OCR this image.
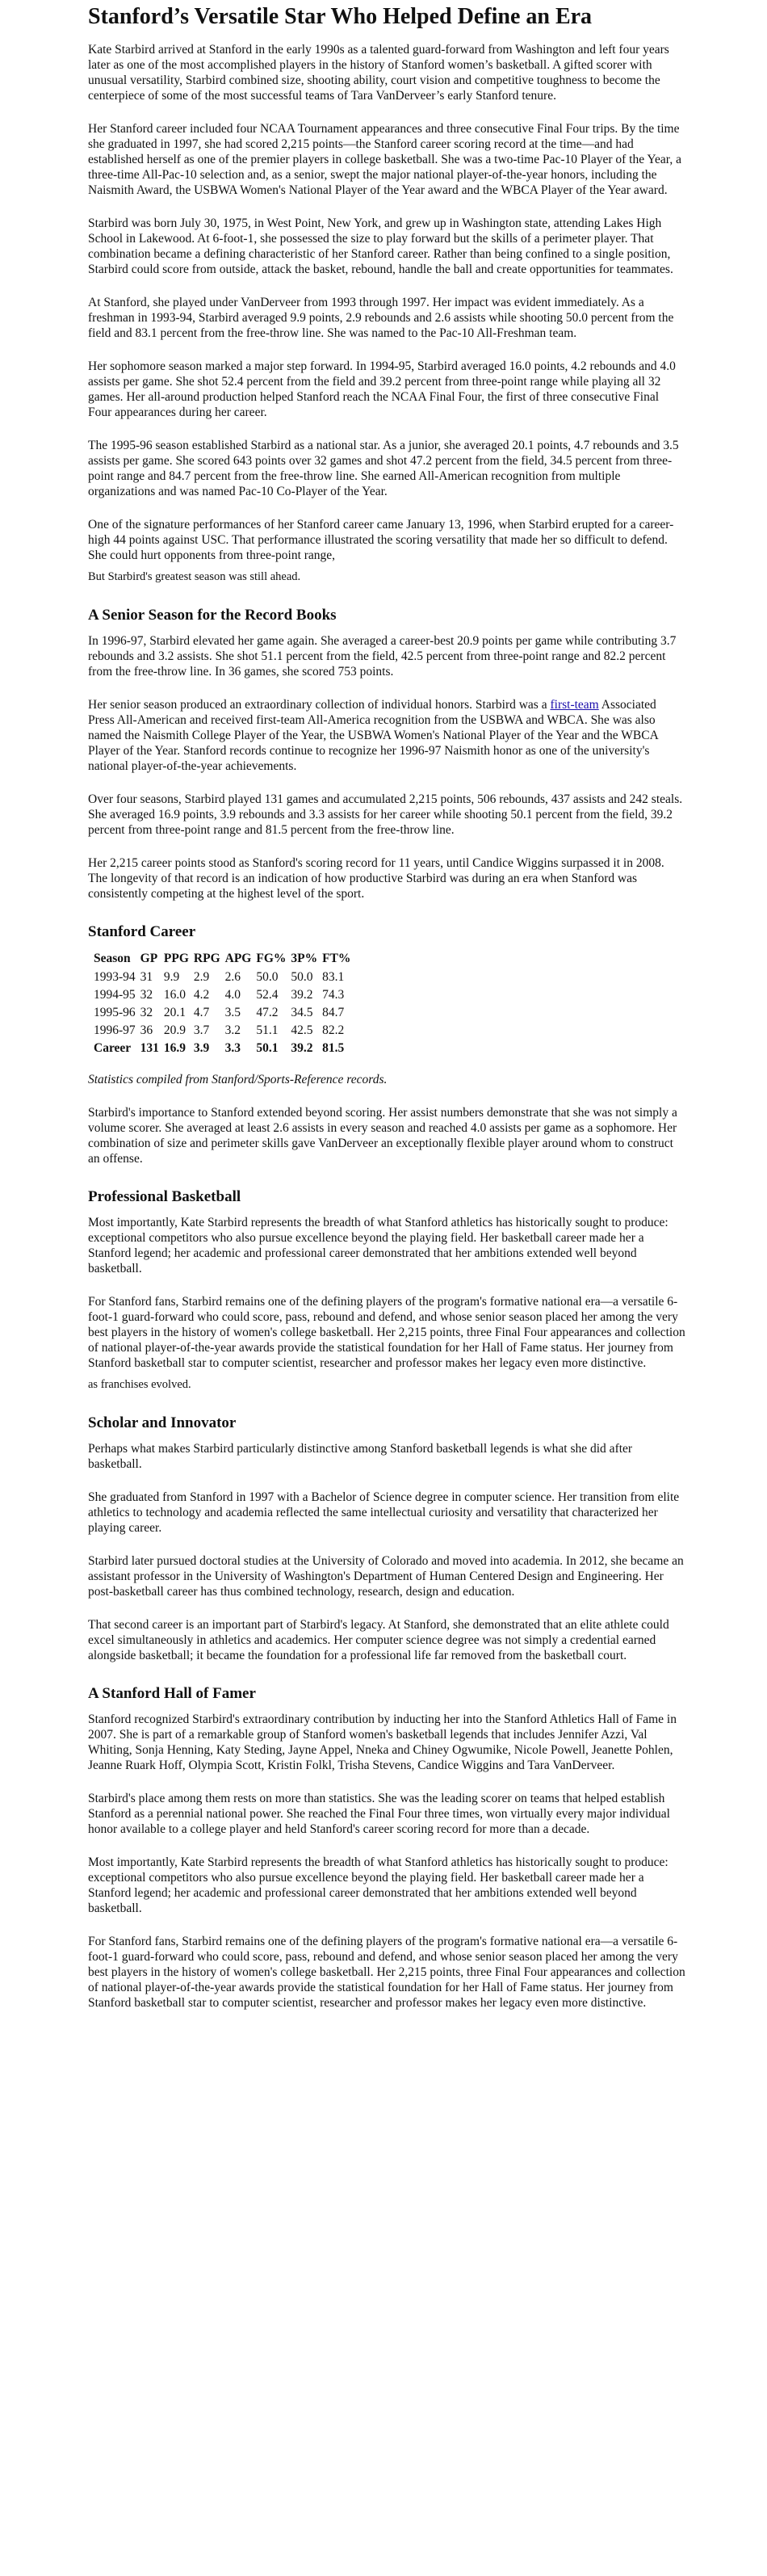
Stanford’s Versatile Star Who Helped Define an Era

Kate Starbird arrived at Stanford in the early 1990s as a talented guard-forward from Washington and left four years later as one of the most accomplished players in the history of Stanford women’s basketball. A gifted scorer with unusual versatility, Starbird combined size, shooting ability, court vision and competitive toughness to become the centerpiece of some of the most successful teams of Tara VanDerveer’s early Stanford tenure.

Her Stanford career included four NCAA Tournament appearances and three consecutive Final Four trips. By the time she graduated in 1997, she had scored 2,215 points—the Stanford career scoring record at the time—and had established herself as one of the premier players in college basketball. She was a two-time Pac-10 Player of the Year, a three-time All-Pac-10 selection and, as a senior, swept the major national player-of-the-year honors, including the Naismith Award, the USBWA Women's National Player of the Year award and the WBCA Player of the Year award.

Starbird was born July 30, 1975, in West Point, New York, and grew up in Washington state, attending Lakes High School in Lakewood. At 6-foot-1, she possessed the size to play forward but the skills of a perimeter player. That combination became a defining characteristic of her Stanford career. Rather than being confined to a single position, Starbird could score from outside, attack the basket, rebound, handle the ball and create opportunities for teammates.

At Stanford, she played under VanDerveer from 1993 through 1997. Her impact was evident immediately. As a freshman in 1993-94, Starbird averaged 9.9 points, 2.9 rebounds and 2.6 assists while shooting 50.0 percent from the field and 83.1 percent from the free-throw line. She was named to the Pac-10 All-Freshman team.

Her sophomore season marked a major step forward. In 1994-95, Starbird averaged 16.0 points, 4.2 rebounds and 4.0 assists per game. She shot 52.4 percent from the field and 39.2 percent from three-point range while playing all 32 games. Her all-around production helped Stanford reach the NCAA Final Four, the first of three consecutive Final Four appearances during her career.

The 1995-96 season established Starbird as a national star. As a junior, she averaged 20.1 points, 4.7 rebounds and 3.5 assists per game. She scored 643 points over 32 games and shot 47.2 percent from the field, 34.5 percent from three-point range and 84.7 percent from the free-throw line. She earned All-American recognition from multiple organizations and was named Pac-10 Co-Player of the Year.

One of the signature performances of her Stanford career came January 13, 1996, when Starbird erupted for a career-high 44 points against USC. That performance illustrated the scoring versatility that made her so difficult to defend. She could hurt opponents from three-point range,

But Starbird's greatest season was still ahead.

A Senior Season for the Record Books

In 1996-97, Starbird elevated her game again. She averaged a career-best 20.9 points per game while contributing 3.7 rebounds and 3.2 assists. She shot 51.1 percent from the field, 42.5 percent from three-point range and 82.2 percent from the free-throw line. In 36 games, she scored 753 points.

Her senior season produced an extraordinary collection of individual honors. Starbird was a first-team Associated Press All-American and received first-team All-America recognition from the USBWA and WBCA. She was also named the Naismith College Player of the Year, the USBWA Women's National Player of the Year and the WBCA Player of the Year. Stanford records continue to recognize her 1996-97 Naismith honor as one of the university's national player-of-the-year achievements.

Over four seasons, Starbird played 131 games and accumulated 2,215 points, 506 rebounds, 437 assists and 242 steals. She averaged 16.9 points, 3.9 rebounds and 3.3 assists for her career while shooting 50.1 percent from the field, 39.2 percent from three-point range and 81.5 percent from the free-throw line.

Her 2,215 career points stood as Stanford's scoring record for 11 years, until Candice Wiggins surpassed it in 2008. The longevity of that record is an indication of how productive Starbird was during an era when Stanford was consistently competing at the highest level of the sport.

Stanford Career
Season	GP	PPG	RPG	APG	FG%	3P%	FT%
1993-94	31	9.9	2.9	2.6	50.0	50.0	83.1
1994-95	32	16.0	4.2	4.0	52.4	39.2	74.3
1995-96	32	20.1	4.7	3.5	47.2	34.5	84.7
1996-97	36	20.9	3.7	3.2	51.1	42.5	82.2
Career	131	16.9	3.9	3.3	50.1	39.2	81.5

Statistics compiled from Stanford/Sports-Reference records.

Starbird's importance to Stanford extended beyond scoring. Her assist numbers demonstrate that she was not simply a volume scorer. She averaged at least 2.6 assists in every season and reached 4.0 assists per game as a sophomore. Her combination of size and perimeter skills gave VanDerveer an exceptionally flexible player around whom to construct an offense.

Professional Basketball

Most importantly, Kate Starbird represents the breadth of what Stanford athletics has historically sought to produce: exceptional competitors who also pursue excellence beyond the playing field. Her basketball career made her a Stanford legend; her academic and professional career demonstrated that her ambitions extended well beyond basketball.

For Stanford fans, Starbird remains one of the defining players of the program's formative national era—a versatile 6-foot-1 guard-forward who could score, pass, rebound and defend, and whose senior season placed her among the very best players in the history of women's college basketball. Her 2,215 points, three Final Four appearances and collection of national player-of-the-year awards provide the statistical foundation for her Hall of Fame status. Her journey from Stanford basketball star to computer scientist, researcher and professor makes her legacy even more distinctive.

as franchises evolved.

Scholar and Innovator

Perhaps what makes Starbird particularly distinctive among Stanford basketball legends is what she did after basketball.

She graduated from Stanford in 1997 with a Bachelor of Science degree in computer science. Her transition from elite athletics to technology and academia reflected the same intellectual curiosity and versatility that characterized her playing career.

Starbird later pursued doctoral studies at the University of Colorado and moved into academia. In 2012, she became an assistant professor in the University of Washington's Department of Human Centered Design and Engineering. Her post-basketball career has thus combined technology, research, design and education.

That second career is an important part of Starbird's legacy. At Stanford, she demonstrated that an elite athlete could excel simultaneously in athletics and academics. Her computer science degree was not simply a credential earned alongside basketball; it became the foundation for a professional life far removed from the basketball court.

A Stanford Hall of Famer

Stanford recognized Starbird's extraordinary contribution by inducting her into the Stanford Athletics Hall of Fame in 2007. She is part of a remarkable group of Stanford women's basketball legends that includes Jennifer Azzi, Val Whiting, Sonja Henning, Katy Steding, Jayne Appel, Nneka and Chiney Ogwumike, Nicole Powell, Jeanette Pohlen, Jeanne Ruark Hoff, Olympia Scott, Kristin Folkl, Trisha Stevens, Candice Wiggins and Tara VanDerveer.

Starbird's place among them rests on more than statistics. She was the leading scorer on teams that helped establish Stanford as a perennial national power. She reached the Final Four three times, won virtually every major individual honor available to a college player and held Stanford's career scoring record for more than a decade.

Most importantly, Kate Starbird represents the breadth of what Stanford athletics has historically sought to produce: exceptional competitors who also pursue excellence beyond the playing field. Her basketball career made her a Stanford legend; her academic and professional career demonstrated that her ambitions extended well beyond basketball.

For Stanford fans, Starbird remains one of the defining players of the program's formative national era—a versatile 6-foot-1 guard-forward who could score, pass, rebound and defend, and whose senior season placed her among the very best players in the history of women's college basketball. Her 2,215 points, three Final Four appearances and collection of national player-of-the-year awards provide the statistical foundation for her Hall of Fame status. Her journey from Stanford basketball star to computer scientist, researcher and professor makes her legacy even more distinctive.
